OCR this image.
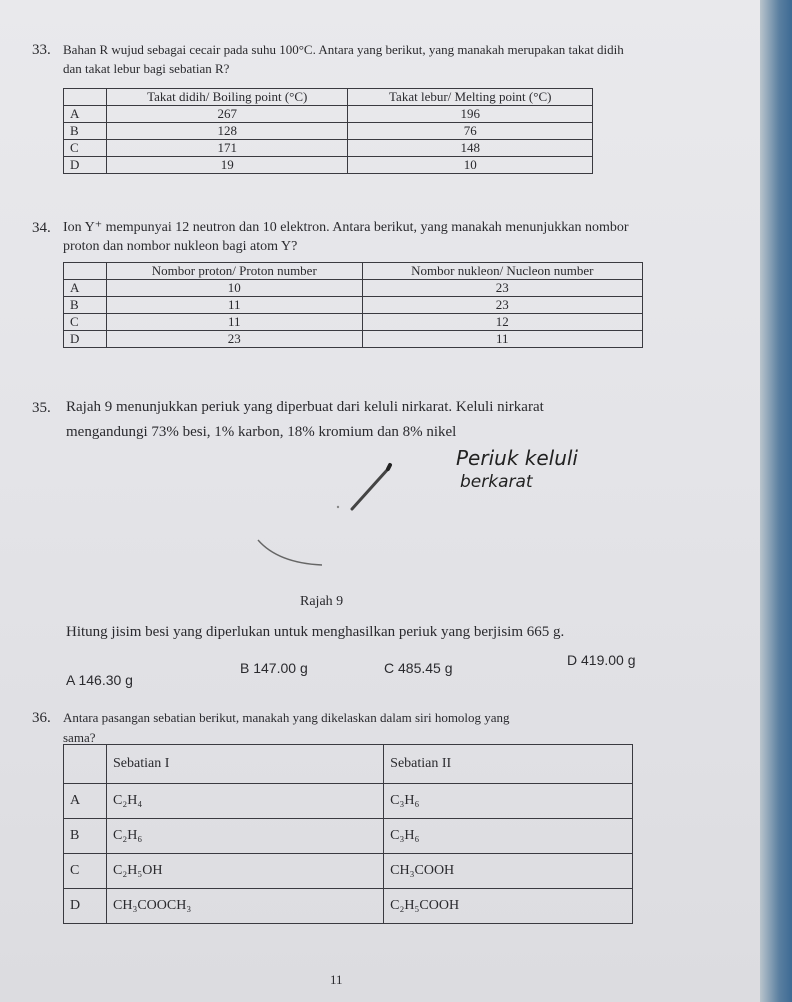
33. Bahan R wujud sebagai cecair pada suhu 100°C. Antara yang berikut, yang manakah merupakan takat didih dan takat lebur bagi sebatian R?
	Takat didih/ Boiling point (°C)	Takat lebur/ Melting point (°C)
A	267	196
B	128	76
C	171	148
D	19	10
34. Ion Y⁺ mempunyai 12 neutron dan 10 elektron. Antara berikut, yang manakah menunjukkan nombor proton dan nombor nukleon bagi atom Y?
	Nombor proton/ Proton number	Nombor nukleon/ Nucleon number
A	10	23
B	11	23
C	11	12
D	23	11
35. Rajah 9 menunjukkan periuk yang diperbuat dari keluli nirkarat. Keluli nirkarat
mengandungi 73% besi, 1% karbon, 18% kromium dan 8% nikel
Periuk keluli
berkarat
Rajah 9
Hitung jisim besi yang diperlukan untuk menghasilkan periuk yang berjisim 665 g.
A 146.30 g
B 147.00 g	C 485.45 g	D 419.00 g
36. Antara pasangan sebatian berikut, manakah yang dikelaskan dalam siri homolog yang
sama?
	Sebatian I	Sebatian II
A	C₂H₄	C₃H₆
B	C₂H₆	C₃H₆
C	C₂H₅OH	CH₃COOH
D	CH₃COOCH₃	C₂H₅COOH
11
